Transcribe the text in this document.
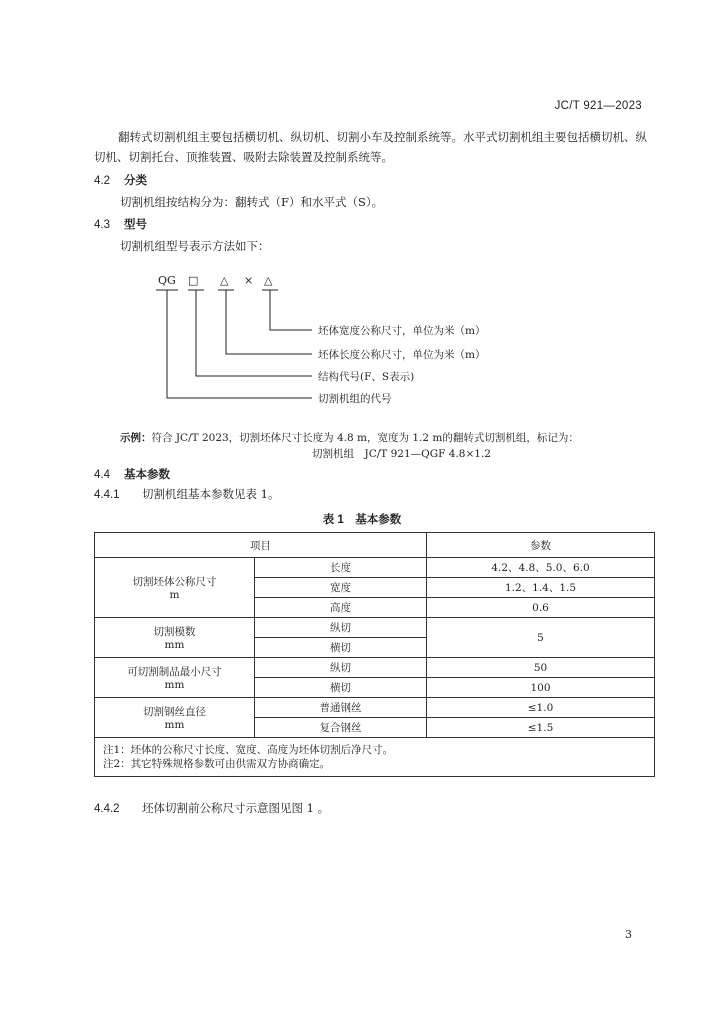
JC/T 921—2023
翻转式切割机组主要包括横切机、纵切机、切割小车及控制系统等。水平式切割机组主要包括横切机、纵切机、切割托台、顶推装置、吸附去除装置及控制系统等。
4.2 分类
切割机组按结构分为：翻转式（F）和水平式（S）。
4.3 型号
切割机组型号表示方法如下：
QG □ △ × △
坯体宽度公称尺寸，单位为米（m）
坯体长度公称尺寸，单位为米（m）
结构代号(F、S表示)
切割机组的代号
示例：符合 JC/T 2023，切割坯体尺寸长度为 4.8 m，宽度为 1.2 m的翻转式切割机组，标记为：
切割机组　JC/T 921—QGF 4.8×1.2
4.4 基本参数
4.4.1 切割机组基本参数见表 1。
表 1　基本参数
项目		参数

切割坯体公称尺寸
m	长度	4.2、4.8、5.0、6.0
	宽度	1.2、1.4、1.5
	高度	0.6

切割模数
mm	纵切	5
	横切	

可切割制品最小尺寸
mm	纵切	50
	横切	100

切割钢丝直径
mm	普通钢丝	≤1.0
	复合钢丝	≤1.5

注1：坯体的公称尺寸长度、宽度、高度为坯体切割后净尺寸。
注2：其它特殊规格参数可由供需双方协商确定。		
4.4.2 坯体切割前公称尺寸示意图见图 1 。
3
